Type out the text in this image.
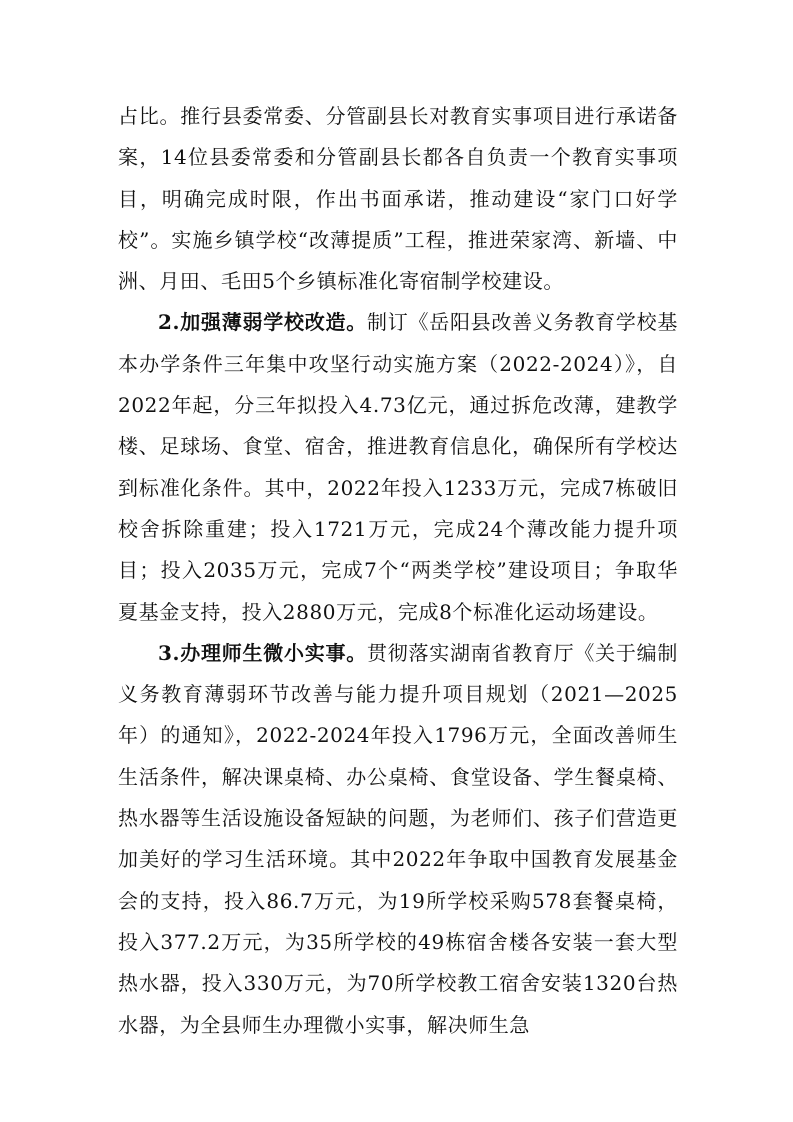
占比。推行县委常委、分管副县长对教育实事项目进行承诺备案，14位县委常委和分管副县长都各自负责一个教育实事项目，明确完成时限，作出书面承诺，推动建设“家门口好学校”。实施乡镇学校“改薄提质”工程，推进荣家湾、新墙、中洲、月田、毛田5个乡镇标准化寄宿制学校建设。

2.加强薄弱学校改造。制订《岳阳县改善义务教育学校基本办学条件三年集中攻坚行动实施方案（2022-2024）》，自2022年起，分三年拟投入4.73亿元，通过拆危改薄，建教学楼、足球场、食堂、宿舍，推进教育信息化，确保所有学校达到标准化条件。其中，2022年投入1233万元，完成7栋破旧校舍拆除重建；投入1721万元，完成24个薄改能力提升项目；投入2035万元，完成7个“两类学校”建设项目；争取华夏基金支持，投入2880万元，完成8个标准化运动场建设。

3.办理师生微小实事。贯彻落实湖南省教育厅《关于编制义务教育薄弱环节改善与能力提升项目规划（2021—2025年）的通知》，2022-2024年投入1796万元，全面改善师生生活条件，解决课桌椅、办公桌椅、食堂设备、学生餐桌椅、热水器等生活设施设备短缺的问题，为老师们、孩子们营造更加美好的学习生活环境。其中2022年争取中国教育发展基金会的支持，投入86.7万元，为19所学校采购578套餐桌椅，投入377.2万元，为35所学校的49栋宿舍楼各安装一套大型热水器，投入330万元，为70所学校教工宿舍安装1320台热水器，为全县师生办理微小实事，解决师生急
